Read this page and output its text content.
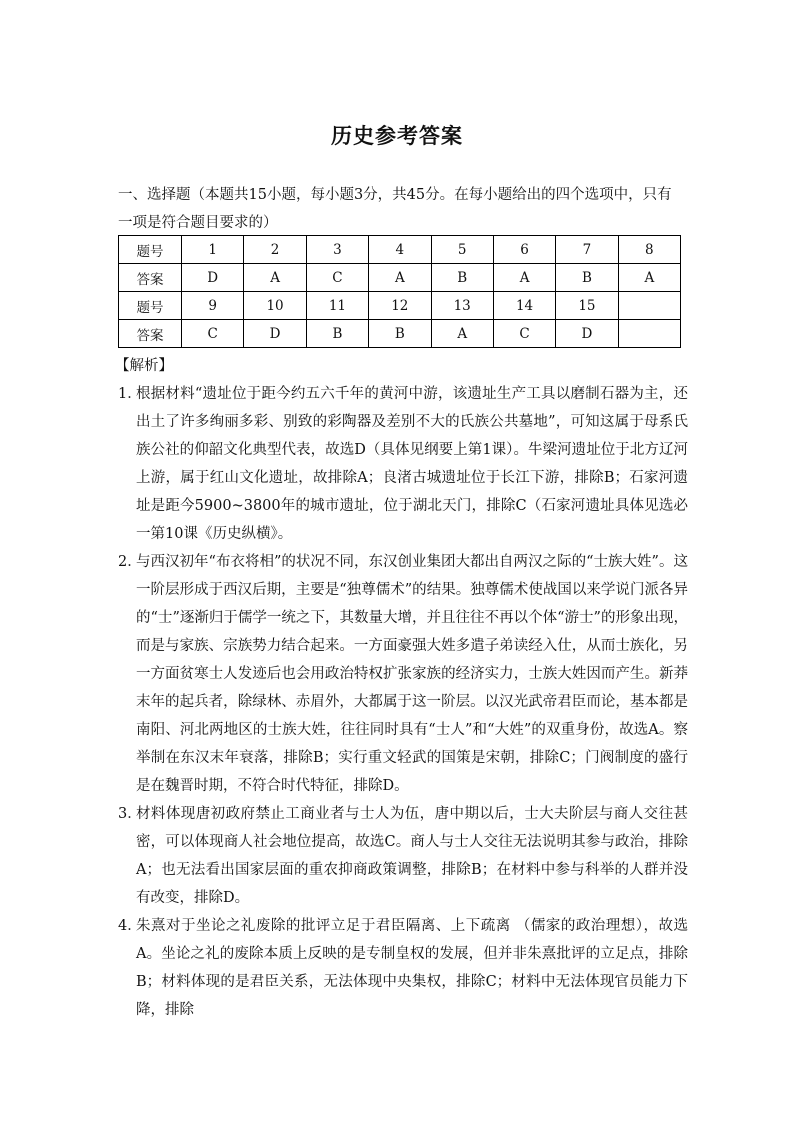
历史参考答案
一、选择题（本题共15小题，每小题3分，共45分。在每小题给出的四个选项中，只有一项是符合题目要求的）
题号	1	2	3	4	5	6	7	8
答案	D	A	C	A	B	A	B	A
题号	9	10	11	12	13	14	15	
答案	C	D	B	B	A	C	D	
【解析】
1．
根据材料“遗址位于距今约五六千年的黄河中游，该遗址生产工具以磨制石器为主，还出土了许多绚丽多彩、别致的彩陶器及差别不大的氏族公共墓地”，可知这属于母系氏族公社的仰韶文化典型代表，故选D（具体见纲要上第1课）。牛梁河遗址位于北方辽河上游，属于红山文化遗址，故排除A；良渚古城遗址位于长江下游，排除B；石家河遗址是距今5900~3800年的城市遗址，位于湖北天门，排除C（石家河遗址具体见选必一第10课《历史纵横》。
2．
与西汉初年“布衣将相”的状况不同，东汉创业集团大都出自两汉之际的“士族大姓”。这一阶层形成于西汉后期，主要是“独尊儒术”的结果。独尊儒术使战国以来学说门派各异的“士”逐渐归于儒学一统之下，其数量大增，并且往往不再以个体“游士”的形象出现，而是与家族、宗族势力结合起来。一方面豪强大姓多遣子弟读经入仕，从而士族化，另一方面贫寒士人发迹后也会用政治特权扩张家族的经济实力，士族大姓因而产生。新莽末年的起兵者，除绿林、赤眉外，大都属于这一阶层。以汉光武帝君臣而论，基本都是南阳、河北两地区的士族大姓，往往同时具有“士人”和“大姓”的双重身份，故选A。察举制在东汉末年衰落，排除B；实行重文轻武的国策是宋朝，排除C；门阀制度的盛行是在魏晋时期，不符合时代特征，排除D。
3．
材料体现唐初政府禁止工商业者与士人为伍，唐中期以后，士大夫阶层与商人交往甚密，可以体现商人社会地位提高，故选C。商人与士人交往无法说明其参与政治，排除A；也无法看出国家层面的重农抑商政策调整，排除B；在材料中参与科举的人群并没有改变，排除D。
4．
朱熹对于坐论之礼废除的批评立足于君臣隔离、上下疏离 （儒家的政治理想），故选A。坐论之礼的废除本质上反映的是专制皇权的发展，但并非朱熹批评的立足点，排除B；材料体现的是君臣关系，无法体现中央集权，排除C；材料中无法体现官员能力下降，排除
